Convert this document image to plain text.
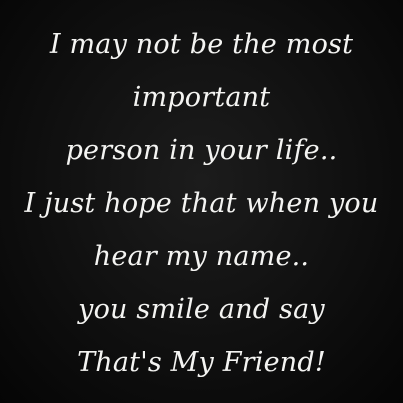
I may not be the most
important
person in your life..
I just hope that when you
hear my name..
you smile and say
That's My Friend!
